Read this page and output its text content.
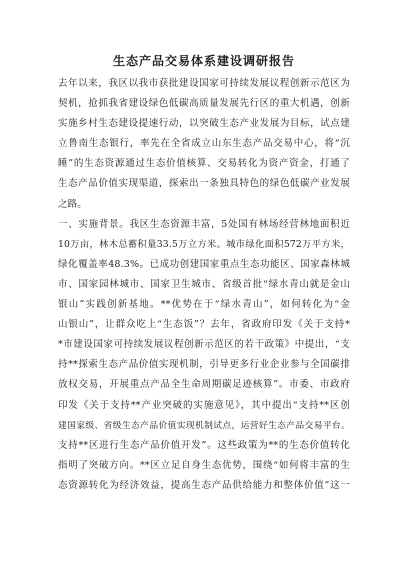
生态产品交易体系建设调研报告
去年以来，我区以我市获批建设国家可持续发展议程创新示范区为
契机，抢抓我省建设绿色低碳高质量发展先行区的重大机遇，创新
实施乡村生态建设提速行动，以突破生态产业发展为目标，试点建
立鲁南生态银行，率先在全省成立山东生态产品交易中心，将“沉
睡”的生态资源通过生态价值核算、交易转化为资产资金，打通了
生态产品价值实现渠道，探索出一条独具特色的绿色低碳产业发展
之路。
一、实施背景。我区生态资源丰富，5处国有林场经营林地面积近
10万亩，林木总蓄积量33.5万立方米。城市绿化面积572万平方米，
绿化覆盖率48.3%。已成功创建国家重点生态功能区、国家森林城
市、国家园林城市、国家卫生城市、省级首批“绿水青山就是金山
银山”实践创新基地。**优势在于“绿水青山”，如何转化为“金
山银山”，让群众吃上“生态饭”？去年，省政府印发《关于支持*
*市建设国家可持续发展议程创新示范区的若干政策》中提出，“支
持**探索生态产品价值实现机制，引导更多行业企业参与全国碳排
放权交易，开展重点产品全生命周期碳足迹核算”。市委、市政府
印发《关于支持**产业突破的实施意见》，其中提出“支持**区创
建国家级、省级生态产品价值实现机制试点，运营好生态产品交易平台。
支持**区进行生态产品价值开发”。这些政策为**的生态价值转化
指明了突破方向。**区立足自身生态优势，围绕“如何将丰富的生
态资源转化为经济效益，提高生态产品供给能力和整体价值”这一
